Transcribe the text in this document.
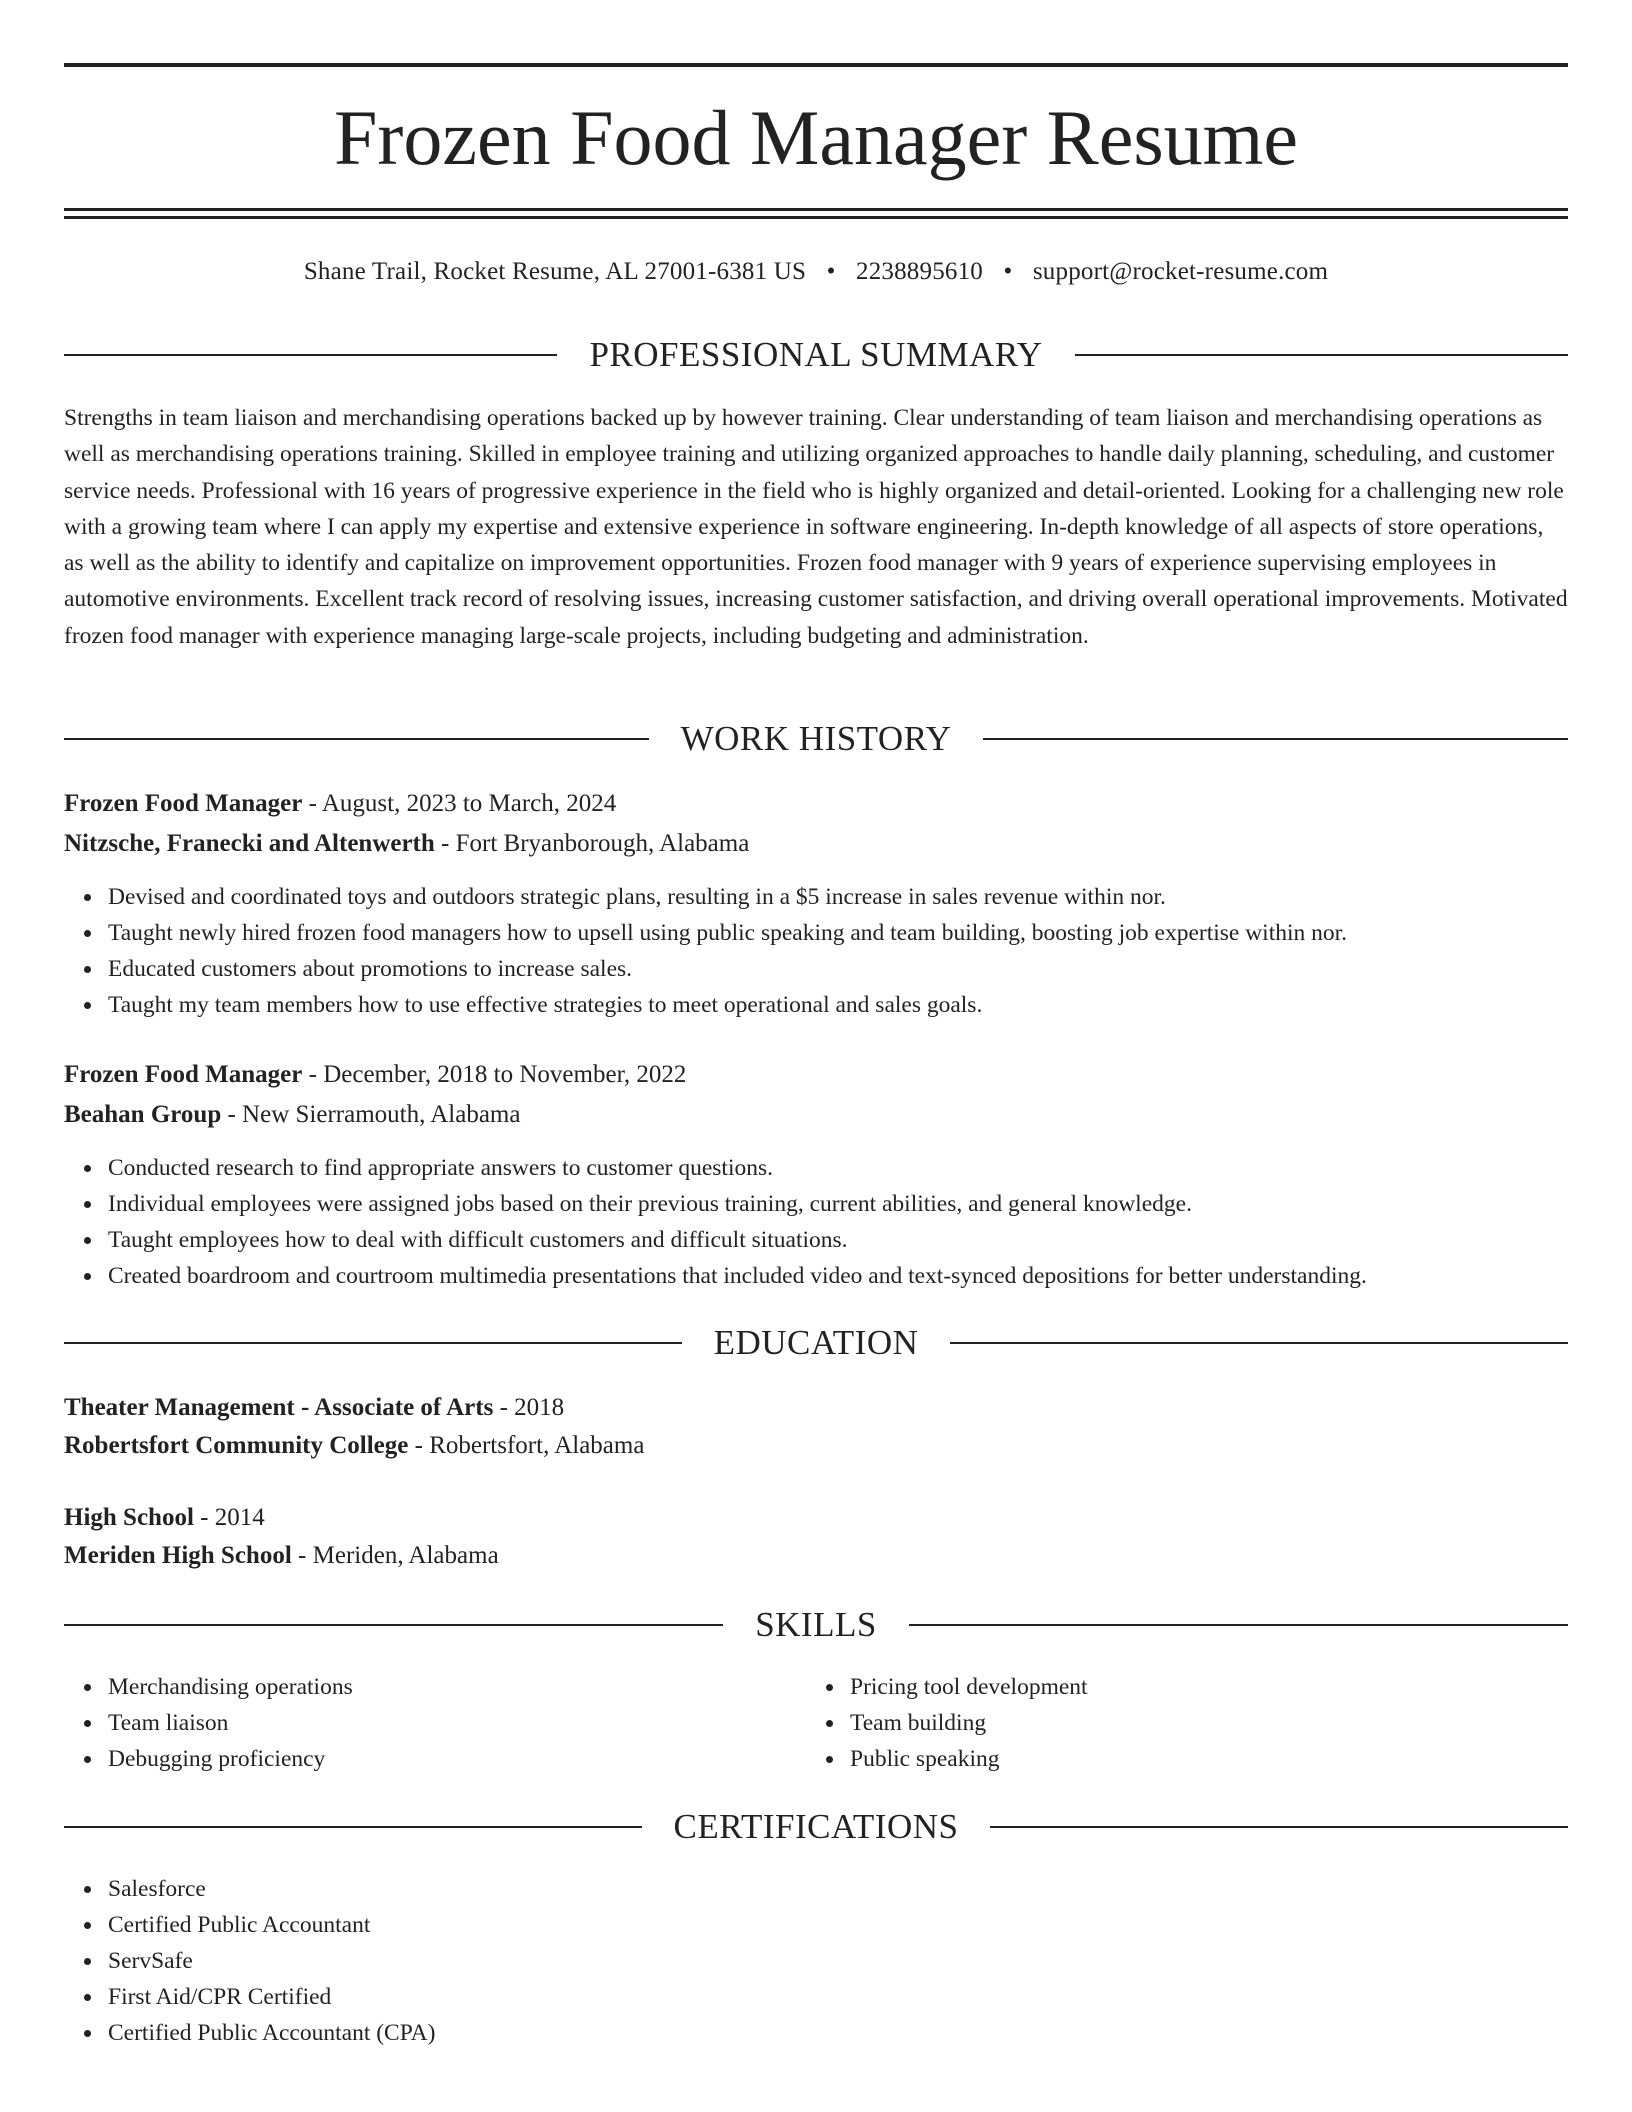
Frozen Food Manager Resume
Shane Trail, Rocket Resume, AL 27001-6381 US • 2238895610 • support@rocket-resume.com
PROFESSIONAL SUMMARY

Strengths in team liaison and merchandising operations backed up by however training. Clear understanding of team liaison and merchandising operations as well as merchandising operations training. Skilled in employee training and utilizing organized approaches to handle daily planning, scheduling, and customer service needs. Professional with 16 years of progressive experience in the field who is highly organized and detail-oriented. Looking for a challenging new role with a growing team where I can apply my expertise and extensive experience in software engineering. In-depth knowledge of all aspects of store operations, as well as the ability to identify and capitalize on improvement opportunities. Frozen food manager with 9 years of experience supervising employees in automotive environments. Excellent track record of resolving issues, increasing customer satisfaction, and driving overall operational improvements. Motivated frozen food manager with experience managing large-scale projects, including budgeting and administration.

WORK HISTORY
Frozen Food Manager - August, 2023 to March, 2024
Nitzsche, Franecki and Altenwerth - Fort Bryanborough, Alabama
Devised and coordinated toys and outdoors strategic plans, resulting in a $5 increase in sales revenue within nor.
Taught newly hired frozen food managers how to upsell using public speaking and team building, boosting job expertise within nor.
Educated customers about promotions to increase sales.
Taught my team members how to use effective strategies to meet operational and sales goals.
Frozen Food Manager - December, 2018 to November, 2022
Beahan Group - New Sierramouth, Alabama
Conducted research to find appropriate answers to customer questions.
Individual employees were assigned jobs based on their previous training, current abilities, and general knowledge.
Taught employees how to deal with difficult customers and difficult situations.
Created boardroom and courtroom multimedia presentations that included video and text-synced depositions for better understanding.
EDUCATION
Theater Management - Associate of Arts - 2018
Robertsfort Community College - Robertsfort, Alabama
High School - 2014
Meriden High School - Meriden, Alabama
SKILLS
Merchandising operations
Team liaison
Debugging proficiency
Pricing tool development
Team building
Public speaking
CERTIFICATIONS
Salesforce
Certified Public Accountant
ServSafe
First Aid/CPR Certified
Certified Public Accountant (CPA)
